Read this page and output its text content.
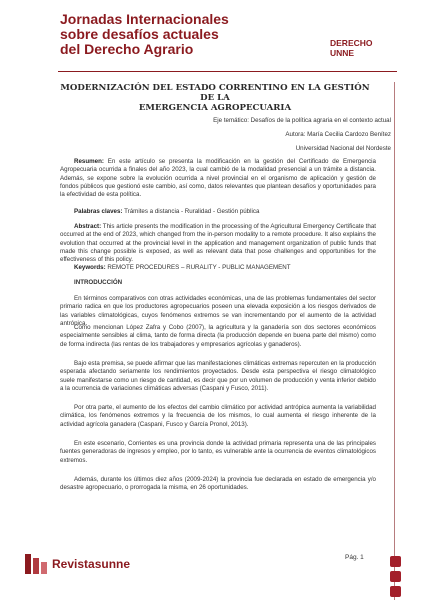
Jornadas Internacionales
sobre desafíos actuales
del Derecho Agrario	DERECHO
UNNE
MODERNIZACIÓN DEL ESTADO CORRENTINO EN LA GESTIÓN DE LA
EMERGENCIA AGROPECUARIA
Eje temático: Desafíos de la política agraria en el contexto actual
Autora: María Cecilia Cardozo Benítez
Universidad Nacional del Nordeste
Resumen: En este artículo se presenta la modificación en la gestión del Certificado de Emergencia Agropecuaria ocurrida a finales del año 2023, la cual cambió de la modalidad presencial a un trámite a distancia. Además, se expone sobre la evolución ocurrida a nivel provincial en el organismo de aplicación y gestión de fondos públicos que gestionó este cambio, así como, datos relevantes que plantean desafíos y oportunidades para la efectividad de esta política.
Palabras claves: Trámites a distancia - Ruralidad - Gestión pública
Abstract: This article presents the modification in the processing of the Agricultural Emergency Certificate that occurred at the end of 2023, which changed from the in-person modality to a remote procedure. It also explains the evolution that occurred at the provincial level in the application and management organization of public funds that made this change possible is exposed, as well as relevant data that pose challenges and opportunities for the effectiveness of this policy.
Keywords: REMOTE PROCEDURES – RURALITY - PUBLIC MANAGEMENT
INTRODUCCIÓN
En términos comparativos con otras actividades económicas, una de las problemas fundamentales del sector primario radica en que los productores agropecuarios poseen una elevada exposición a los riesgos derivados de las variables climatológicas, cuyos fenómenos extremos se van incrementando por el aumento de la actividad antrópica.
Como mencionan López Zafra y Cobo (2007), la agricultura y la ganadería son dos sectores económicos especialmente sensibles al clima, tanto de forma directa (la producción depende en buena parte del mismo) como de forma indirecta (las rentas de los trabajadores y empresarios agrícolas y ganaderos).
Bajo esta premisa, se puede afirmar que las manifestaciones climáticas extremas repercuten en la producción esperada afectando seriamente los rendimientos proyectados. Desde esta perspectiva el riesgo climatológico suele manifestarse como un riesgo de cantidad, es decir que por un volumen de producción y venta inferior debido a la ocurrencia de variaciones climáticas adversas (Caspani y Fusco, 2011).
Por otra parte, el aumento de los efectos del cambio climático por actividad antrópica aumenta la variabilidad climática, los fenómenos extremos y la frecuencia de los mismos, lo cual aumenta el riesgo inherente de la actividad agrícola ganadera (Caspani, Fusco y García Pronol, 2013).
En este escenario, Corrientes es una provincia donde la actividad primaria representa una de las principales fuentes generadoras de ingresos y empleo, por lo tanto, es vulnerable ante la ocurrencia de eventos climatológicos extremos.
Además, durante los últimos diez años (2009-2024) la provincia fue declarada en estado de emergencia y/o desastre agropecuario, o prorrogada la misma, en 26 oportunidades.
Revistasunne	Pág. 1
